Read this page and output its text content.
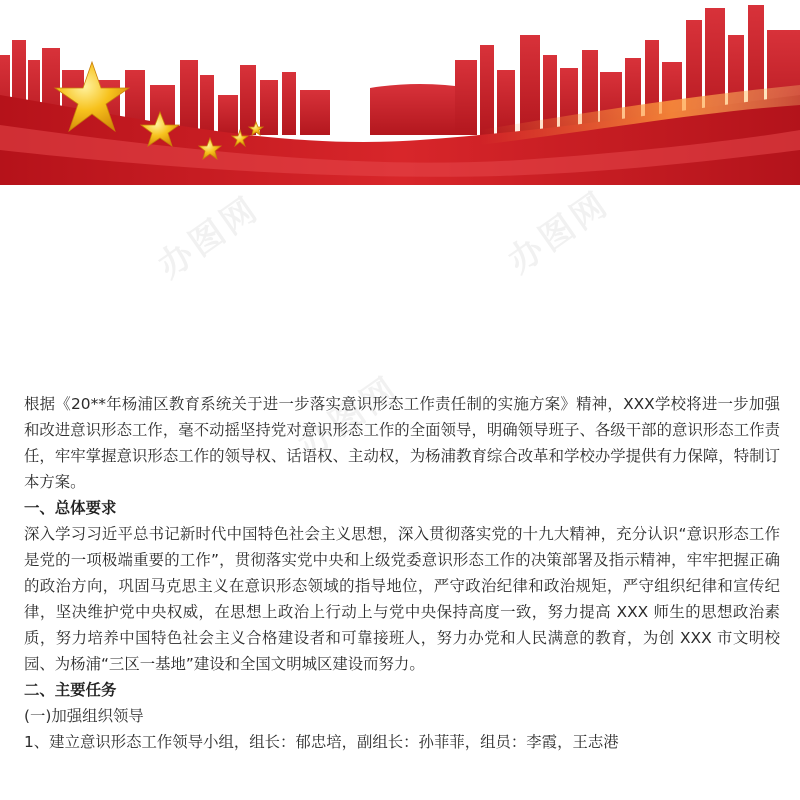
办图网	办图网
办图网

根据《20**年杨浦区教育系统关于进一步落实意识形态工作责任制的实施方案》精神，XXX学校将进一步加强和改进意识形态工作，毫不动摇坚持党对意识形态工作的全面领导，明确领导班子、各级干部的意识形态工作责任，牢牢掌握意识形态工作的领导权、话语权、主动权，为杨浦教育综合改革和学校办学提供有力保障，特制订本方案。

一、总体要求

深入学习习近平总书记新时代中国特色社会主义思想，深入贯彻落实党的十九大精神，充分认识“意识形态工作是党的一项极端重要的工作”，贯彻落实党中央和上级党委意识形态工作的决策部署及指示精神，牢牢把握正确的政治方向，巩固马克思主义在意识形态领域的指导地位，严守政治纪律和政治规矩，严守组织纪律和宣传纪律，坚决维护党中央权威，在思想上政治上行动上与党中央保持高度一致，努力提高 XXX 师生的思想政治素质，努力培养中国特色社会主义合格建设者和可靠接班人，努力办党和人民满意的教育，为创 XXX 市文明校园、为杨浦“三区一基地”建设和全国文明城区建设而努力。

二、主要任务

(一)加强组织领导

1、建立意识形态工作领导小组，组长：郁忠培，副组长：孙菲菲，组员：李霞，王志港
